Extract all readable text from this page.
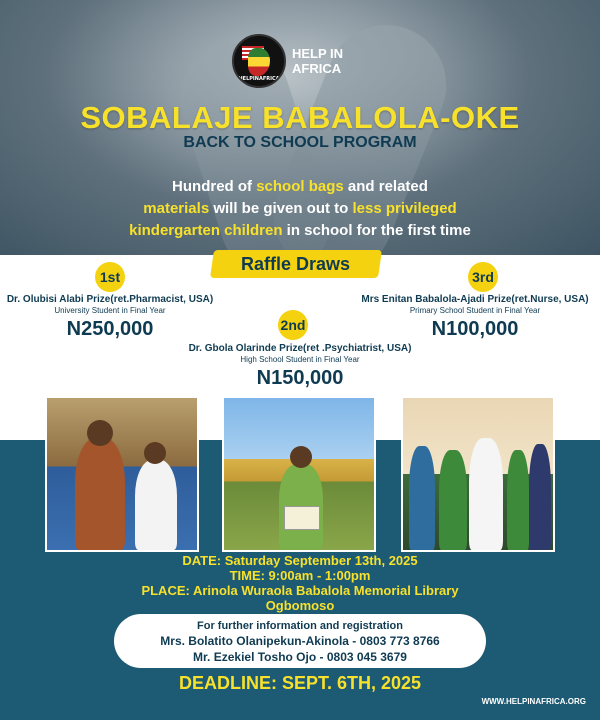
HELPINAFRICA
HELP IN
AFRICA
SOBALAJE BABALOLA-OKE
BACK TO SCHOOL PROGRAM
Hundred of school bags and related
materials will be given out to less privileged
kindergarten children in school for the first time
Raffle Draws
1st
Dr. Olubisi Alabi Prize(ret.Pharmacist, USA)
University Student in Final Year
N250,000	2nd
Dr. Gbola Olarinde Prize(ret .Psychiatrist, USA)
High School Student in Final Year
N150,000
3rd
Mrs Enitan Babalola-Ajadi Prize(ret.Nurse, USA)
Primary School Student in Final Year
N100,000
DATE: Saturday September 13th, 2025
TIME: 9:00am - 1:00pm
PLACE: Arinola Wuraola Babalola Memorial Library
Ogbomoso
For further information and registration
Mrs. Bolatito Olanipekun-Akinola - 0803 773 8766
Mr. Ezekiel Tosho Ojo - 0803 045 3679
DEADLINE: SEPT. 6TH, 2025
WWW.HELPINAFRICA.ORG
